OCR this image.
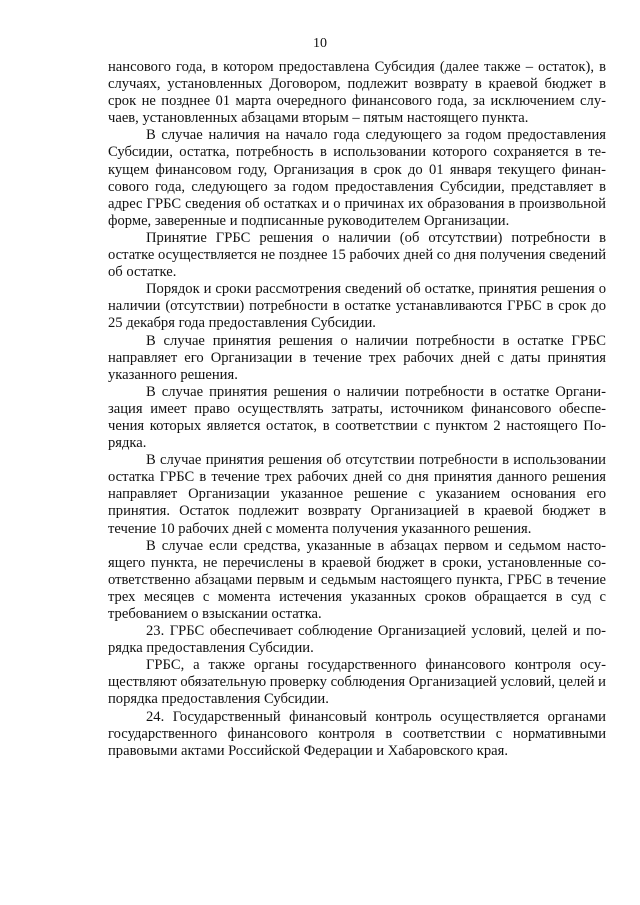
10

нансового года, в котором предоставлена Субсидия (далее также – остаток), в случаях, установленных Договором, подлежит возврату в краевой бюджет в срок не позднее 01 марта очередного финансового года, за исключением случаев, установленных абзацами вторым – пятым настоящего пункта.

В случае наличия на начало года следующего за годом предоставления Субсидии, остатка, потребность в использовании которого сохраняется в текущем финансовом году, Организация в срок до 01 января текущего финансового года, следующего за годом предоставления Субсидии, представляет в адрес ГРБС сведения об остатках и о причинах их образования в произвольной форме, заверенные и подписанные руководителем Организации.

Принятие ГРБС решения о наличии (об отсутствии) потребности в остатке осуществляется не позднее 15 рабочих дней со дня получения сведений об остатке.

Порядок и сроки рассмотрения сведений об остатке, принятия решения о наличии (отсутствии) потребности в остатке устанавливаются ГРБС в срок до 25 декабря года предоставления Субсидии.

В случае принятия решения о наличии потребности в остатке ГРБС направляет его Организации в течение трех рабочих дней с даты принятия указанного решения.

В случае принятия решения о наличии потребности в остатке Организация имеет право осуществлять затраты, источником финансового обеспечения которых является остаток, в соответствии с пунктом 2 настоящего Порядка.

В случае принятия решения об отсутствии потребности в использовании остатка ГРБС в течение трех рабочих дней со дня принятия данного решения направляет Организации указанное решение с указанием основания его принятия. Остаток подлежит возврату Организацией в краевой бюджет в течение 10 рабочих дней с момента получения указанного решения.

В случае если средства, указанные в абзацах первом и седьмом настоящего пункта, не перечислены в краевой бюджет в сроки, установленные соответственно абзацами первым и седьмым настоящего пункта, ГРБС в течение трех месяцев с момента истечения указанных сроков обращается в суд с требованием о взыскании остатка.

23. ГРБС обеспечивает соблюдение Организацией условий, целей и порядка предоставления Субсидии.

ГРБС, а также органы государственного финансового контроля осуществляют обязательную проверку соблюдения Организацией условий, целей и порядка предоставления Субсидии.

24. Государственный финансовый контроль осуществляется органами государственного финансового контроля в соответствии с нормативными правовыми актами Российской Федерации и Хабаровского края.
